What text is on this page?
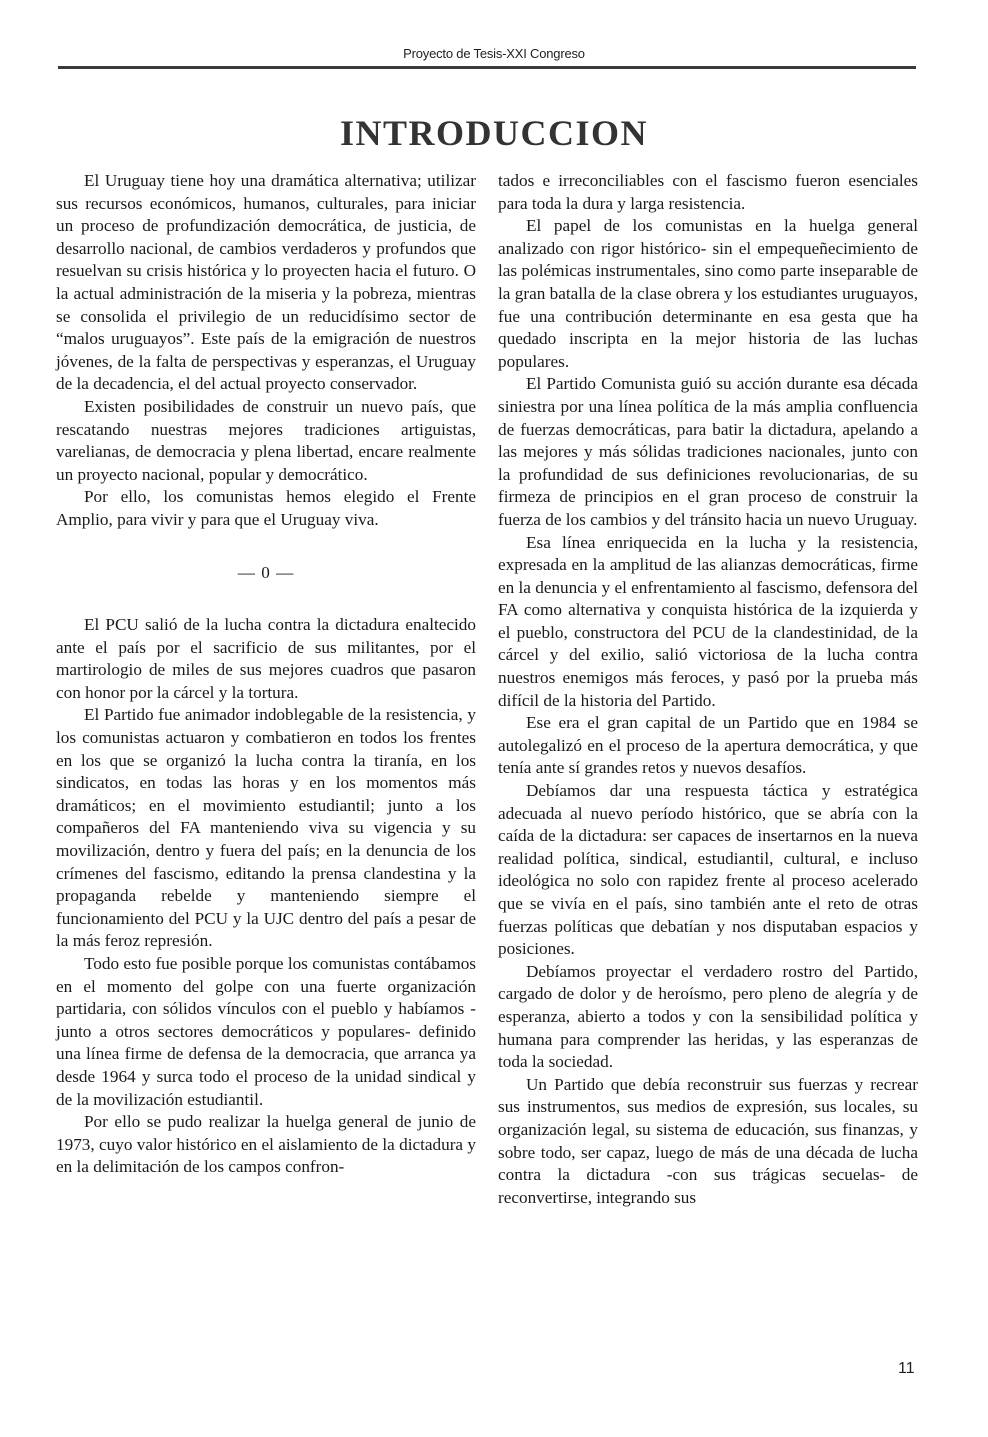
Proyecto de Tesis-XXI Congreso
INTRODUCCION

El Uruguay tiene hoy una dramática alternativa; utilizar sus recursos económicos, humanos, culturales, para iniciar un proceso de profundización democrática, de justicia, de desarrollo nacional, de cambios verdaderos y profundos que resuelvan su crisis histórica y lo proyecten hacia el futuro. O la actual administración de la miseria y la pobreza, mientras se consolida el privilegio de un reducidísimo sector de “malos uruguayos”. Este país de la emigración de nuestros jóvenes, de la falta de perspectivas y esperanzas, el Uruguay de la decadencia, el del actual proyecto conservador.

Existen posibilidades de construir un nuevo país, que rescatando nuestras mejores tradiciones artiguistas, varelianas, de democracia y plena libertad, encare realmente un proyecto nacional, popular y democrático.

Por ello, los comunistas hemos elegido el Frente Amplio, para vivir y para que el Uruguay viva.

— 0 —

El PCU salió de la lucha contra la dictadura enaltecido ante el país por el sacrificio de sus militantes, por el martirologio de miles de sus mejores cuadros que pasaron con honor por la cárcel y la tortura.

El Partido fue animador indoblegable de la resistencia, y los comunistas actuaron y combatieron en todos los frentes en los que se organizó la lucha contra la tiranía, en los sindicatos, en todas las horas y en los momentos más dramáticos; en el movimiento estudiantil; junto a los compañeros del FA manteniendo viva su vigencia y su movilización, dentro y fuera del país; en la denuncia de los crímenes del fascismo, editando la prensa clandestina y la propaganda rebelde y manteniendo siempre el funcionamiento del PCU y la UJC dentro del país a pesar de la más feroz represión.

Todo esto fue posible porque los comunistas contábamos en el momento del golpe con una fuerte organización partidaria, con sólidos vínculos con el pueblo y habíamos -junto a otros sectores democráticos y populares- definido una línea firme de defensa de la democracia, que arranca ya desde 1964 y surca todo el proceso de la unidad sindical y de la movilización estudiantil.

Por ello se pudo realizar la huelga general de junio de 1973, cuyo valor histórico en el aislamiento de la dictadura y en la delimitación de los campos confron-

tados e irreconciliables con el fascismo fueron esenciales para toda la dura y larga resistencia.

El papel de los comunistas en la huelga general analizado con rigor histórico- sin el empequeñecimiento de las polémicas instrumentales, sino como parte inseparable de la gran batalla de la clase obrera y los estudiantes uruguayos, fue una contribución determinante en esa gesta que ha quedado inscripta en la mejor historia de las luchas populares.

El Partido Comunista guió su acción durante esa década siniestra por una línea política de la más amplia confluencia de fuerzas democráticas, para batir la dictadura, apelando a las mejores y más sólidas tradiciones nacionales, junto con la profundidad de sus definiciones revolucionarias, de su firmeza de principios en el gran proceso de construir la fuerza de los cambios y del tránsito hacia un nuevo Uruguay.

Esa línea enriquecida en la lucha y la resistencia, expresada en la amplitud de las alianzas democráticas, firme en la denuncia y el enfrentamiento al fascismo, defensora del FA como alternativa y conquista histórica de la izquierda y el pueblo, constructora del PCU de la clandestinidad, de la cárcel y del exilio, salió victoriosa de la lucha contra nuestros enemigos más feroces, y pasó por la prueba más difícil de la historia del Partido.

Ese era el gran capital de un Partido que en 1984 se autolegalizó en el proceso de la apertura democrática, y que tenía ante sí grandes retos y nuevos desafíos.

Debíamos dar una respuesta táctica y estratégica adecuada al nuevo período histórico, que se abría con la caída de la dictadura: ser capaces de insertarnos en la nueva realidad política, sindical, estudiantil, cultural, e incluso ideológica no solo con rapidez frente al proceso acelerado que se vivía en el país, sino también ante el reto de otras fuerzas políticas que debatían y nos disputaban espacios y posiciones.

Debíamos proyectar el verdadero rostro del Partido, cargado de dolor y de heroísmo, pero pleno de alegría y de esperanza, abierto a todos y con la sensibilidad política y humana para comprender las heridas, y las esperanzas de toda la sociedad.

Un Partido que debía reconstruir sus fuerzas y recrear sus instrumentos, sus medios de expresión, sus locales, su organización legal, su sistema de educación, sus finanzas, y sobre todo, ser capaz, luego de más de una década de lucha contra la dictadura -con sus trágicas secuelas- de reconvertirse, integrando sus

11
